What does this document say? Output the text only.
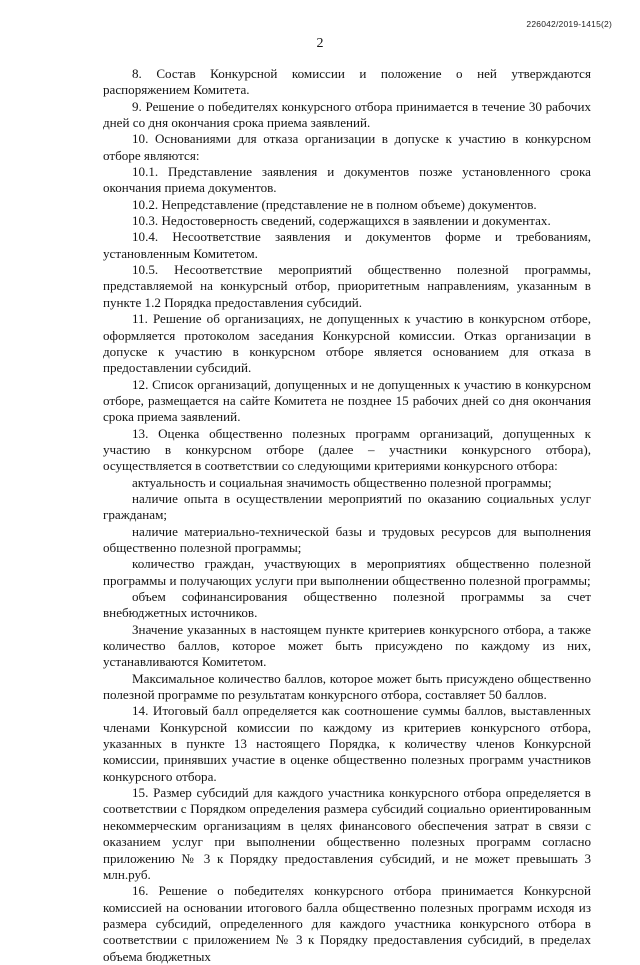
226042/2019-1415(2)
2

8. Состав Конкурсной комиссии и положение о ней утверждаются распоряжением Комитета.

9. Решение о победителях конкурсного отбора принимается в течение 30 рабочих дней со дня окончания срока приема заявлений.

10. Основаниями для отказа организации в допуске к участию в конкурсном отборе являются:

10.1. Представление заявления и документов позже установленного срока окончания приема документов.

10.2. Непредставление (представление не в полном объеме) документов.

10.3. Недостоверность сведений, содержащихся в заявлении и документах.

10.4. Несоответствие заявления и документов форме и требованиям, установленным Комитетом.

10.5. Несоответствие мероприятий общественно полезной программы, представляемой на конкурсный отбор, приоритетным направлениям, указанным в пункте 1.2 Порядка предоставления субсидий.

11. Решение об организациях, не допущенных к участию в конкурсном отборе, оформляется протоколом заседания Конкурсной комиссии. Отказ организации в допуске к участию в конкурсном отборе является основанием для отказа в предоставлении субсидий.

12. Список организаций, допущенных и не допущенных к участию в конкурсном отборе, размещается на сайте Комитета не позднее 15 рабочих дней со дня окончания срока приема заявлений.

13. Оценка общественно полезных программ организаций, допущенных к участию в конкурсном отборе (далее – участники конкурсного отбора), осуществляется в соответствии со следующими критериями конкурсного отбора:

актуальность и социальная значимость общественно полезной программы;

наличие опыта в осуществлении мероприятий по оказанию социальных услуг гражданам;

наличие материально-технической базы и трудовых ресурсов для выполнения общественно полезной программы;

количество граждан, участвующих в мероприятиях общественно полезной программы и получающих услуги при выполнении общественно полезной программы;

объем софинансирования общественно полезной программы за счет внебюджетных источников.

Значение указанных в настоящем пункте критериев конкурсного отбора, а также количество баллов, которое может быть присуждено по каждому из них, устанавливаются Комитетом.

Максимальное количество баллов, которое может быть присуждено общественно полезной программе по результатам конкурсного отбора, составляет 50 баллов.

14. Итоговый балл определяется как соотношение суммы баллов, выставленных членами Конкурсной комиссии по каждому из критериев конкурсного отбора, указанных в пункте 13 настоящего Порядка, к количеству членов Конкурсной комиссии, принявших участие в оценке общественно полезных программ участников конкурсного отбора.

15. Размер субсидий для каждого участника конкурсного отбора определяется в соответствии с Порядком определения размера субсидий социально ориентированным некоммерческим организациям в целях финансового обеспечения затрат в связи с оказанием услуг при выполнении общественно полезных программ согласно приложению № 3 к Порядку предоставления субсидий, и не может превышать 3 млн.руб.

16. Решение о победителях конкурсного отбора принимается Конкурсной комиссией на основании итогового балла общественно полезных программ исходя из размера субсидий, определенного для каждого участника конкурсного отбора в соответствии с приложением № 3 к Порядку предоставления субсидий, в пределах объема бюджетных
